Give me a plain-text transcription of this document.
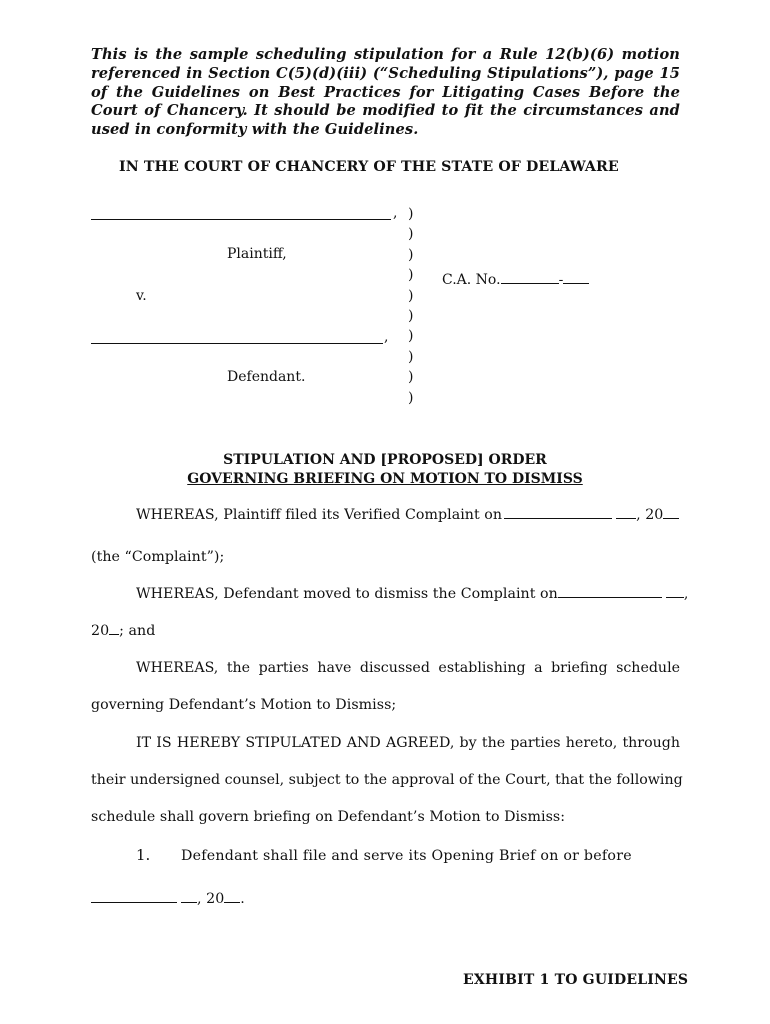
This is the sample scheduling stipulation for a Rule 12(b)(6) motion referenced in Section C(5)(d)(iii) (“Scheduling Stipulations”), page 15 of the Guidelines on Best Practices for Litigating Cases Before the Court of Chancery. It should be modified to fit the circumstances and used in conformity with the Guidelines.
IN THE COURT OF CHANCERY OF THE STATE OF DELAWARE
,
Plaintiff,
v.
,
Defendant.
)
)
)
)
)
)
)
)
)
)
C.A. No.	-
STIPULATION AND [PROPOSED] ORDER
GOVERNING BRIEFING ON MOTION TO DISMISS
WHEREAS, Plaintiff filed its Verified Complaint on	, 20
(the “Complaint”);
WHEREAS, Defendant moved to dismiss the Complaint on	,
20 ; and
WHEREAS, the parties have discussed establishing a briefing schedule
governing Defendant’s Motion to Dismiss;
IT IS HEREBY STIPULATED AND AGREED, by the parties hereto, through
their undersigned counsel, subject to the approval of the Court, that the following
schedule shall govern briefing on Defendant’s Motion to Dismiss:
1. Defendant shall file and serve its Opening Brief on or before
, 20 .
EXHIBIT 1 TO GUIDELINES
